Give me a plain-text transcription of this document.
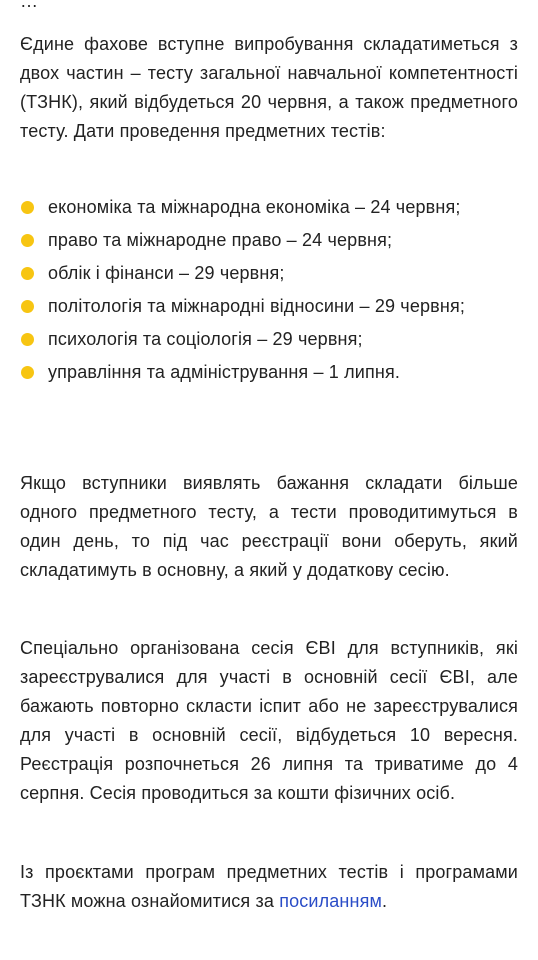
…

Єдине фахове вступне випробування складатиметься з двох частин – тесту загальної навчальної компетентності (ТЗНК), який відбудеться 20 червня, а також предметного тесту. Дати проведення предметних тестів:

економіка та міжнародна економіка – 24 червня;
право та міжнародне право – 24 червня;
облік і фінанси – 29 червня;
політологія та міжнародні відносини – 29 червня;
психологія та соціологія – 29 червня;
управління та адміністрування – 1 липня.

Якщо вступники виявлять бажання складати більше одного предметного тесту, а тести проводитимуться в один день, то під час реєстрації вони оберуть, який складатимуть в основну, а який у додаткову сесію.

Спеціально організована сесія ЄВІ для вступників, які зареєструвалися для участі в основній сесії ЄВІ, але бажають повторно скласти іспит або не зареєструвалися для участі в основній сесії, відбудеться 10 вересня. Реєстрація розпочнеться 26 липня та триватиме до 4 серпня. Сесія проводиться за кошти фізичних осіб.

Із проєктами програм предметних тестів і програмами ТЗНК можна ознайомитися за посиланням.
